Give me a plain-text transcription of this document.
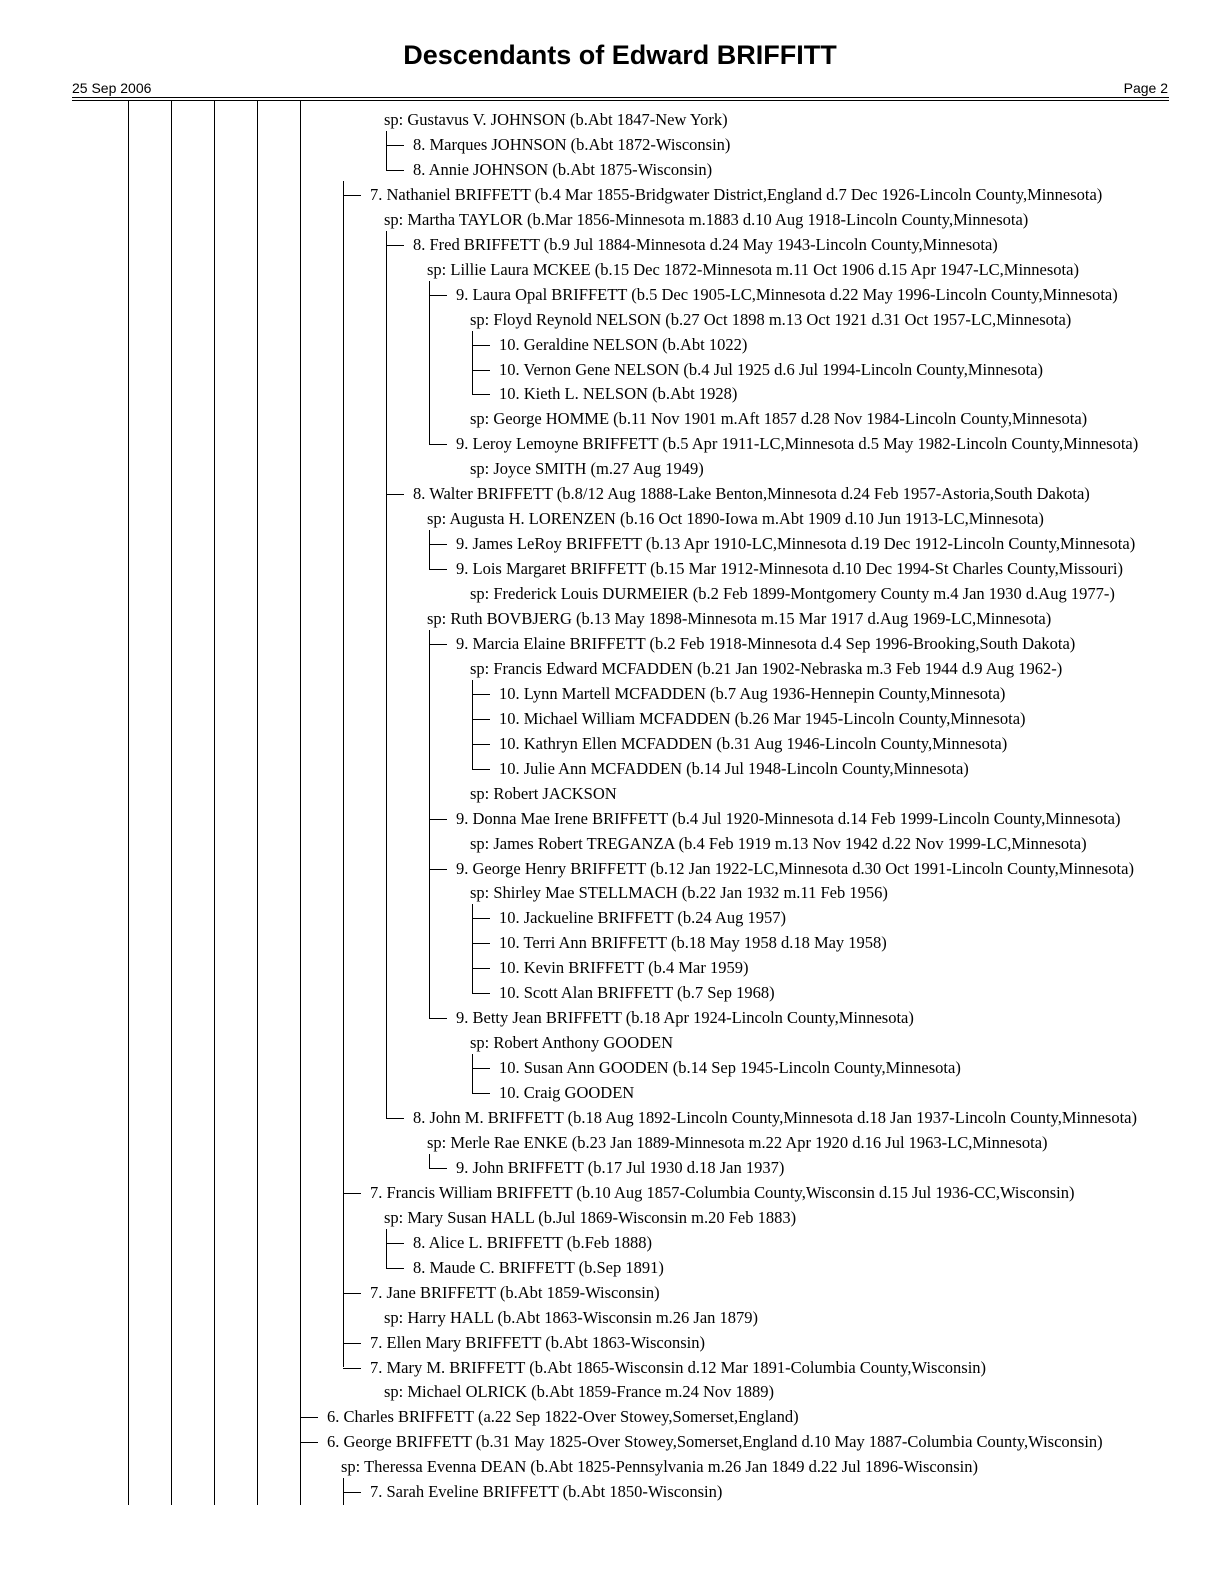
Descendants of Edward BRIFFITT
25 Sep 2006	Page 2
sp: Gustavus V. JOHNSON (b.Abt 1847-New York)
8. Marques JOHNSON (b.Abt 1872-Wisconsin)
8. Annie JOHNSON (b.Abt 1875-Wisconsin)
7. Nathaniel BRIFFETT (b.4 Mar 1855-Bridgwater District,England d.7 Dec 1926-Lincoln County,Minnesota)
sp: Martha TAYLOR (b.Mar 1856-Minnesota m.1883 d.10 Aug 1918-Lincoln County,Minnesota)
8. Fred BRIFFETT (b.9 Jul 1884-Minnesota d.24 May 1943-Lincoln County,Minnesota)
sp: Lillie Laura MCKEE (b.15 Dec 1872-Minnesota m.11 Oct 1906 d.15 Apr 1947-LC,Minnesota)
9. Laura Opal BRIFFETT (b.5 Dec 1905-LC,Minnesota d.22 May 1996-Lincoln County,Minnesota)
sp: Floyd Reynold NELSON (b.27 Oct 1898 m.13 Oct 1921 d.31 Oct 1957-LC,Minnesota)
10. Geraldine NELSON (b.Abt 1022)
10. Vernon Gene NELSON (b.4 Jul 1925 d.6 Jul 1994-Lincoln County,Minnesota)
10. Kieth L. NELSON (b.Abt 1928)
sp: George HOMME (b.11 Nov 1901 m.Aft 1857 d.28 Nov 1984-Lincoln County,Minnesota)
9. Leroy Lemoyne BRIFFETT (b.5 Apr 1911-LC,Minnesota d.5 May 1982-Lincoln County,Minnesota)
sp: Joyce SMITH (m.27 Aug 1949)
8. Walter BRIFFETT (b.8/12 Aug 1888-Lake Benton,Minnesota d.24 Feb 1957-Astoria,South Dakota)
sp: Augusta H. LORENZEN (b.16 Oct 1890-Iowa m.Abt 1909 d.10 Jun 1913-LC,Minnesota)
9. James LeRoy BRIFFETT (b.13 Apr 1910-LC,Minnesota d.19 Dec 1912-Lincoln County,Minnesota)
9. Lois Margaret BRIFFETT (b.15 Mar 1912-Minnesota d.10 Dec 1994-St Charles County,Missouri)
sp: Frederick Louis DURMEIER (b.2 Feb 1899-Montgomery County m.4 Jan 1930 d.Aug 1977-)
sp: Ruth BOVBJERG (b.13 May 1898-Minnesota m.15 Mar 1917 d.Aug 1969-LC,Minnesota)
9. Marcia Elaine BRIFFETT (b.2 Feb 1918-Minnesota d.4 Sep 1996-Brooking,South Dakota)
sp: Francis Edward MCFADDEN (b.21 Jan 1902-Nebraska m.3 Feb 1944 d.9 Aug 1962-)
10. Lynn Martell MCFADDEN (b.7 Aug 1936-Hennepin County,Minnesota)
10. Michael William MCFADDEN (b.26 Mar 1945-Lincoln County,Minnesota)
10. Kathryn Ellen MCFADDEN (b.31 Aug 1946-Lincoln County,Minnesota)
10. Julie Ann MCFADDEN (b.14 Jul 1948-Lincoln County,Minnesota)
sp: Robert JACKSON
9. Donna Mae Irene BRIFFETT (b.4 Jul 1920-Minnesota d.14 Feb 1999-Lincoln County,Minnesota)
sp: James Robert TREGANZA (b.4 Feb 1919 m.13 Nov 1942 d.22 Nov 1999-LC,Minnesota)
9. George Henry BRIFFETT (b.12 Jan 1922-LC,Minnesota d.30 Oct 1991-Lincoln County,Minnesota)
sp: Shirley Mae STELLMACH (b.22 Jan 1932 m.11 Feb 1956)
10. Jackueline BRIFFETT (b.24 Aug 1957)
10. Terri Ann BRIFFETT (b.18 May 1958 d.18 May 1958)
10. Kevin BRIFFETT (b.4 Mar 1959)
10. Scott Alan BRIFFETT (b.7 Sep 1968)
9. Betty Jean BRIFFETT (b.18 Apr 1924-Lincoln County,Minnesota)
sp: Robert Anthony GOODEN
10. Susan Ann GOODEN (b.14 Sep 1945-Lincoln County,Minnesota)
10. Craig GOODEN
8. John M. BRIFFETT (b.18 Aug 1892-Lincoln County,Minnesota d.18 Jan 1937-Lincoln County,Minnesota)
sp: Merle Rae ENKE (b.23 Jan 1889-Minnesota m.22 Apr 1920 d.16 Jul 1963-LC,Minnesota)
9. John BRIFFETT (b.17 Jul 1930 d.18 Jan 1937)
7. Francis William BRIFFETT (b.10 Aug 1857-Columbia County,Wisconsin d.15 Jul 1936-CC,Wisconsin)
sp: Mary Susan HALL (b.Jul 1869-Wisconsin m.20 Feb 1883)
8. Alice L. BRIFFETT (b.Feb 1888)
8. Maude C. BRIFFETT (b.Sep 1891)
7. Jane BRIFFETT (b.Abt 1859-Wisconsin)
sp: Harry HALL (b.Abt 1863-Wisconsin m.26 Jan 1879)
7. Ellen Mary BRIFFETT (b.Abt 1863-Wisconsin)
7. Mary M. BRIFFETT (b.Abt 1865-Wisconsin d.12 Mar 1891-Columbia County,Wisconsin)
sp: Michael OLRICK (b.Abt 1859-France m.24 Nov 1889)
6. Charles BRIFFETT (a.22 Sep 1822-Over Stowey,Somerset,England)
6. George BRIFFETT (b.31 May 1825-Over Stowey,Somerset,England d.10 May 1887-Columbia County,Wisconsin)
sp: Theressa Evenna DEAN (b.Abt 1825-Pennsylvania m.26 Jan 1849 d.22 Jul 1896-Wisconsin)
7. Sarah Eveline BRIFFETT (b.Abt 1850-Wisconsin)
